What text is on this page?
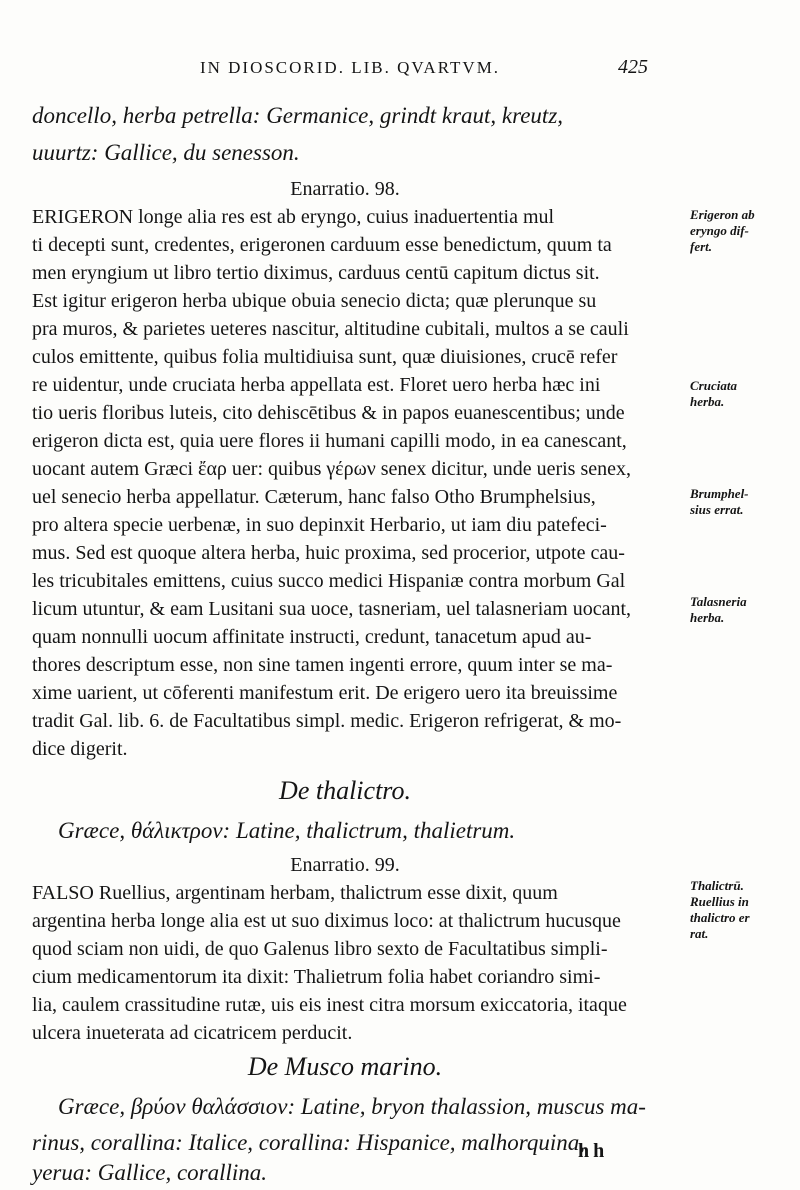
IN DIOSCORID. LIB. QVARTVM.	425
doncello, herba petrella: Germanice, grindt kraut, kreutz,
uuurtz: Gallice, du senesson.
Enarratio. 98.
ERIGERON longe alia res est ab eryngo, cuius inaduertentia mul
ti decepti sunt, credentes, erigeronen carduum esse benedictum, quum ta
men eryngium ut libro tertio diximus, carduus centū capitum dictus sit.
Est igitur erigeron herba ubique obuia senecio dicta; quæ plerunque su
pra muros, & parietes ueteres nascitur, altitudine cubitali, multos a se cauli
culos emittente, quibus folia multidiuisa sunt, quæ diuisiones, crucē refer
re uidentur, unde cruciata herba appellata est. Floret uero herba hæc ini
tio ueris floribus luteis, cito dehiscētibus & in papos euanescentibus; unde
erigeron dicta est, quia uere flores ii humani capilli modo, in ea canescant,
uocant autem Græci ἔαρ uer: quibus γέρων senex dicitur, unde ueris senex,
uel senecio herba appellatur. Cæterum, hanc falso Otho Brumphelsius,
pro altera specie uerbenæ, in suo depinxit Herbario, ut iam diu patefeci-
mus. Sed est quoque altera herba, huic proxima, sed procerior, utpote cau-
les tricubitales emittens, cuius succo medici Hispaniæ contra morbum Gal
licum utuntur, & eam Lusitani sua uoce, tasneriam, uel talasneriam uocant,
quam nonnulli uocum affinitate instructi, credunt, tanacetum apud au-
thores descriptum esse, non sine tamen ingenti errore, quum inter se ma-
xime uarient, ut cōferenti manifestum erit. De erigero uero ita breuissime
tradit Gal. lib. 6. de Facultatibus simpl. medic. Erigeron refrigerat, & mo-
dice digerit.
De thalictro.
Græce, θάλικτρον: Latine, thalictrum, thalietrum.
Enarratio. 99.
FALSO Ruellius, argentinam herbam, thalictrum esse dixit, quum
argentina herba longe alia est ut suo diximus loco: at thalictrum hucusque
quod sciam non uidi, de quo Galenus libro sexto de Facultatibus simpli-
cium medicamentorum ita dixit: Thalietrum folia habet coriandro simi-
lia, caulem crassitudine rutæ, uis eis inest citra morsum exiccatoria, itaque
ulcera inueterata ad cicatricem perducit.
De Musco marino.
Græce, βρύον θαλάσσιον: Latine, bryon thalassion, muscus ma-
rinus, corallina: Italice, corallina: Hispanice, malhorquina,
yerua: Gallice, corallina.
Erigeron ab
eryngo dif-
fert.
Cruciata
herba.
Brumphel-
sius errat.
Talasneria
herba.
Thalictrū.
Ruellius in
thalictro er
rat.
hh
